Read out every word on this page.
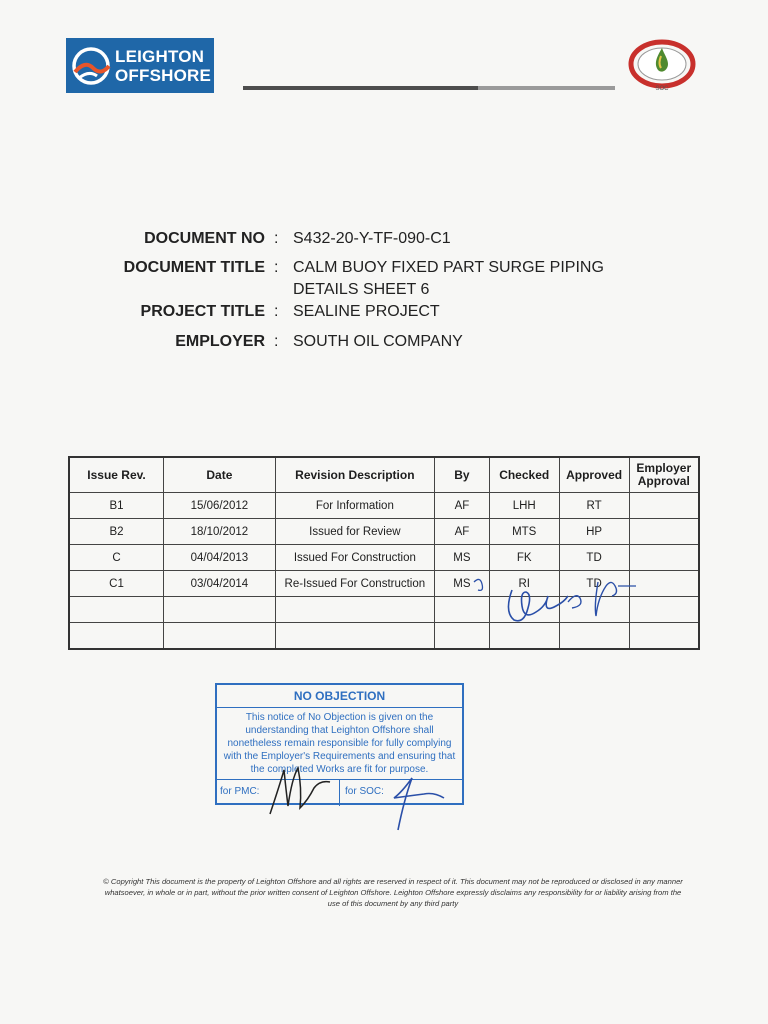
LEIGHTON
OFFSHORE
SOC
DOCUMENT NO : S432-20-Y-TF-090-C1
DOCUMENT TITLE : CALM BUOY FIXED PART SURGE PIPING
DETAILS SHEET 6
PROJECT TITLE : SEALINE PROJECT
EMPLOYER : SOUTH OIL COMPANY
Issue Rev.	Date	Revision Description	By	Checked	Approved	Employer Approval
B1	15/06/2012	For Information	AF	LHH	RT	
B2	18/10/2012	Issued for Review	AF	MTS	HP	
C	04/04/2013	Issued For Construction	MS	FK	TD	
C1	03/04/2014	Re-Issued For Construction	MS	RI	TD	

NO OBJECTION
This notice of No Objection is given on the understanding that Leighton Offshore shall nonetheless remain responsible for fully complying with the Employer's Requirements and ensuring that the completed Works are fit for purpose.
for PMC:	for SOC:
© Copyright This document is the property of Leighton Offshore and all rights are reserved in respect of it. This document may not be reproduced or disclosed in any manner whatsoever, in whole or in part, without the prior written consent of Leighton Offshore. Leighton Offshore expressly disclaims any responsibility for or liability arising from the use of this document by any third party
